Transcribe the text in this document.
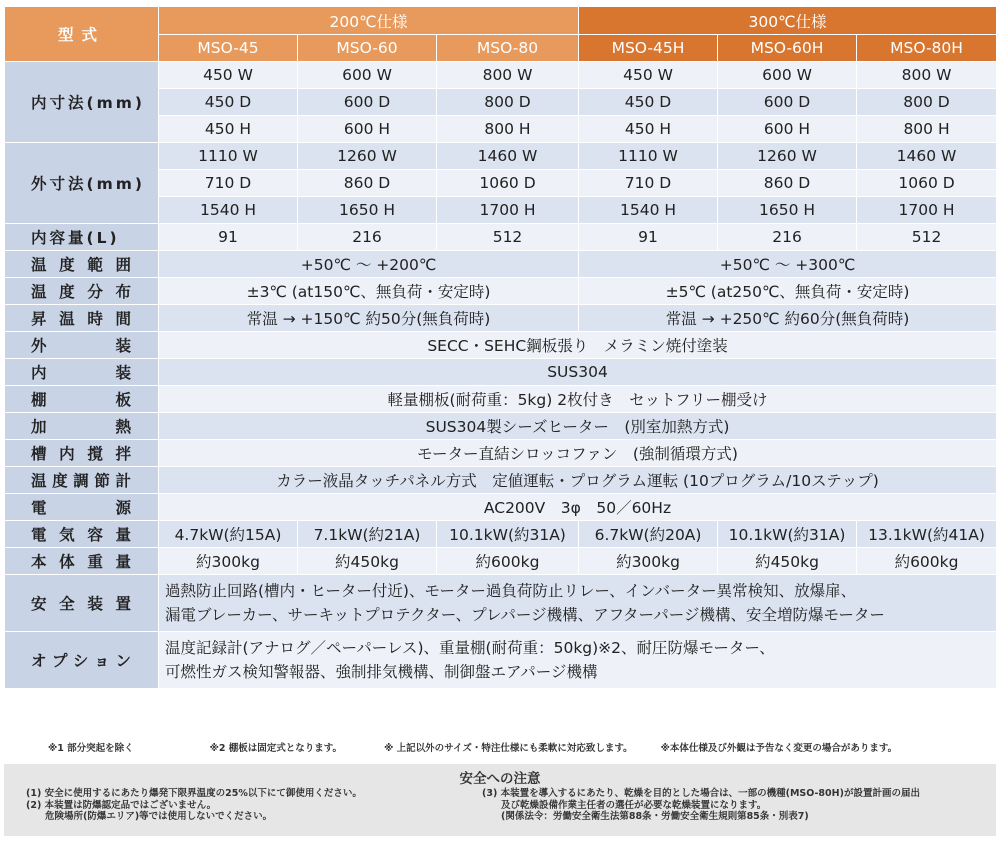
型式	200℃仕様			300℃仕様		
	MSO-45	MSO-60	MSO-80	MSO-45H	MSO-60H	MSO-80H
内寸法(mm)	450 W	600 W	800 W	450 W	600 W	800 W
	450 D	600 D	800 D	450 D	600 D	800 D
	450 H	600 H	800 H	450 H	600 H	800 H
外寸法(mm)	1110 W	1260 W	1460 W	1110 W	1260 W	1460 W
	710 D	860 D	1060 D	710 D	860 D	1060 D
	1540 H	1650 H	1700 H	1540 H	1650 H	1700 H
内容量(L)	91	216	512	91	216	512
温度範囲	+50℃ ～ +200℃			+50℃ ～ +300℃		
温度分布	±3℃ (at150℃、無負荷・安定時)			±5℃ (at250℃、無負荷・安定時)		
昇温時間	常温 → +150℃ 約50分(無負荷時)			常温 → +250℃ 約60分(無負荷時)		
外装	SECC・SEHC鋼板張り　メラミン焼付塗装					
内装	SUS304					
棚板	軽量棚板(耐荷重：5kg) 2枚付き　セットフリー棚受け					
加熱	SUS304製シーズヒーター　(別室加熱方式)					
槽内撹拌	モーター直結シロッコファン　(強制循環方式)					
温度調節計	カラー液晶タッチパネル方式　定値運転・プログラム運転 (10プログラム/10ステップ)					
電源	AC200V　3φ　50／60Hz					
電気容量	4.7kW(約15A)	7.1kW(約21A)	10.1kW(約31A)	6.7kW(約20A)	10.1kW(約31A)	13.1kW(約41A)
本体重量	約300kg	約450kg	約600kg	約300kg	約450kg	約600kg
安全装置	過熱防止回路(槽内・ヒーター付近)、モーター過負荷防止リレー、インバーター異常検知、放爆扉、
漏電ブレーカー、サーキットプロテクター、プレパージ機構、アフターパージ機構、安全増防爆モーター					

オプション	温度記録計(アナログ／ペーパーレス)、重量棚(耐荷重：50kg)※2、耐圧防爆モーター、
可燃性ガス検知警報器、強制排気機構、制御盤エアパージ機構					
※1 部分突起を除く	※2 棚板は固定式となります。	※ 上記以外のサイズ・特注仕様にも柔軟に対応致します。	※本体仕様及び外観は予告なく変更の場合があります。
安全への注意
(1) 安全に使用するにあたり爆発下限界温度の25%以下にて御使用ください。
(2) 本装置は防爆認定品ではございません。
　　危険場所(防爆エリア)等では使用しないでください。
(3) 本装置を導入するにあたり、乾燥を目的とした場合は、一部の機種(MSO-80H)が設置計画の届出
　　及び乾燥設備作業主任者の選任が必要な乾燥装置になります。
　　(関係法令：労働安全衛生法第88条・労働安全衛生規則第85条・別表7)
